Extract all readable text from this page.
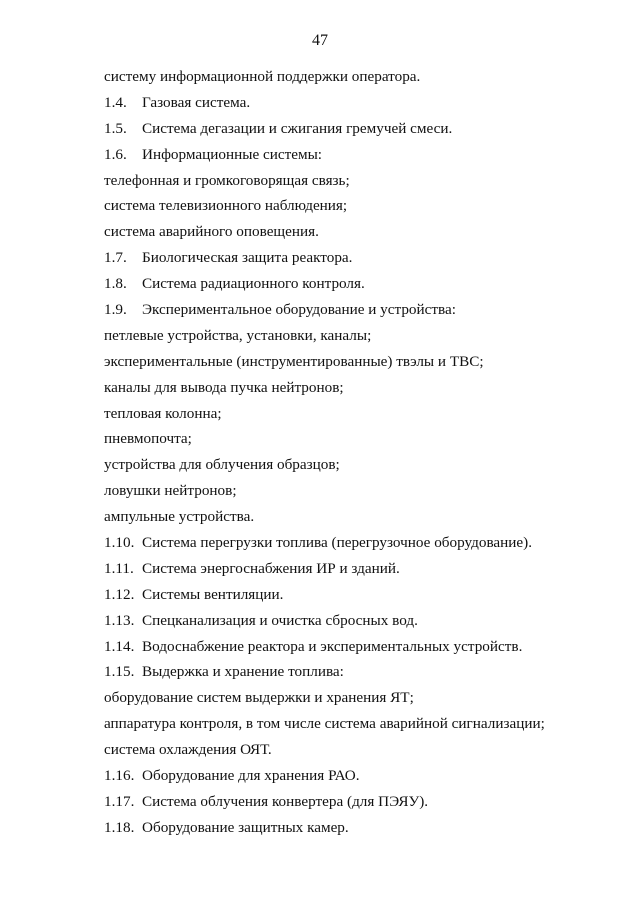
47
систему информационной поддержки оператора.
1.4. Газовая система.
1.5. Система дегазации и сжигания гремучей смеси.
1.6. Информационные системы:
телефонная и громкоговорящая связь;
система телевизионного наблюдения;
система аварийного оповещения.
1.7. Биологическая защита реактора.
1.8. Система радиационного контроля.
1.9. Экспериментальное оборудование и устройства:
петлевые устройства, установки, каналы;
экспериментальные (инструментированные) твэлы и ТВС;
каналы для вывода пучка нейтронов;
тепловая колонна;
пневмопочта;
устройства для облучения образцов;
ловушки нейтронов;
ампульные устройства.
1.10. Система перегрузки топлива (перегрузочное оборудование).
1.11. Система энергоснабжения ИР и зданий.
1.12. Системы вентиляции.
1.13. Спецканализация и очистка сбросных вод.
1.14. Водоснабжение реактора и экспериментальных устройств.
1.15. Выдержка и хранение топлива:
оборудование систем выдержки и хранения ЯТ;
аппаратура контроля, в том числе система аварийной сигнализации;
система охлаждения ОЯТ.
1.16. Оборудование для хранения РАО.
1.17. Система облучения конвертера (для ПЭЯУ).
1.18. Оборудование защитных камер.
